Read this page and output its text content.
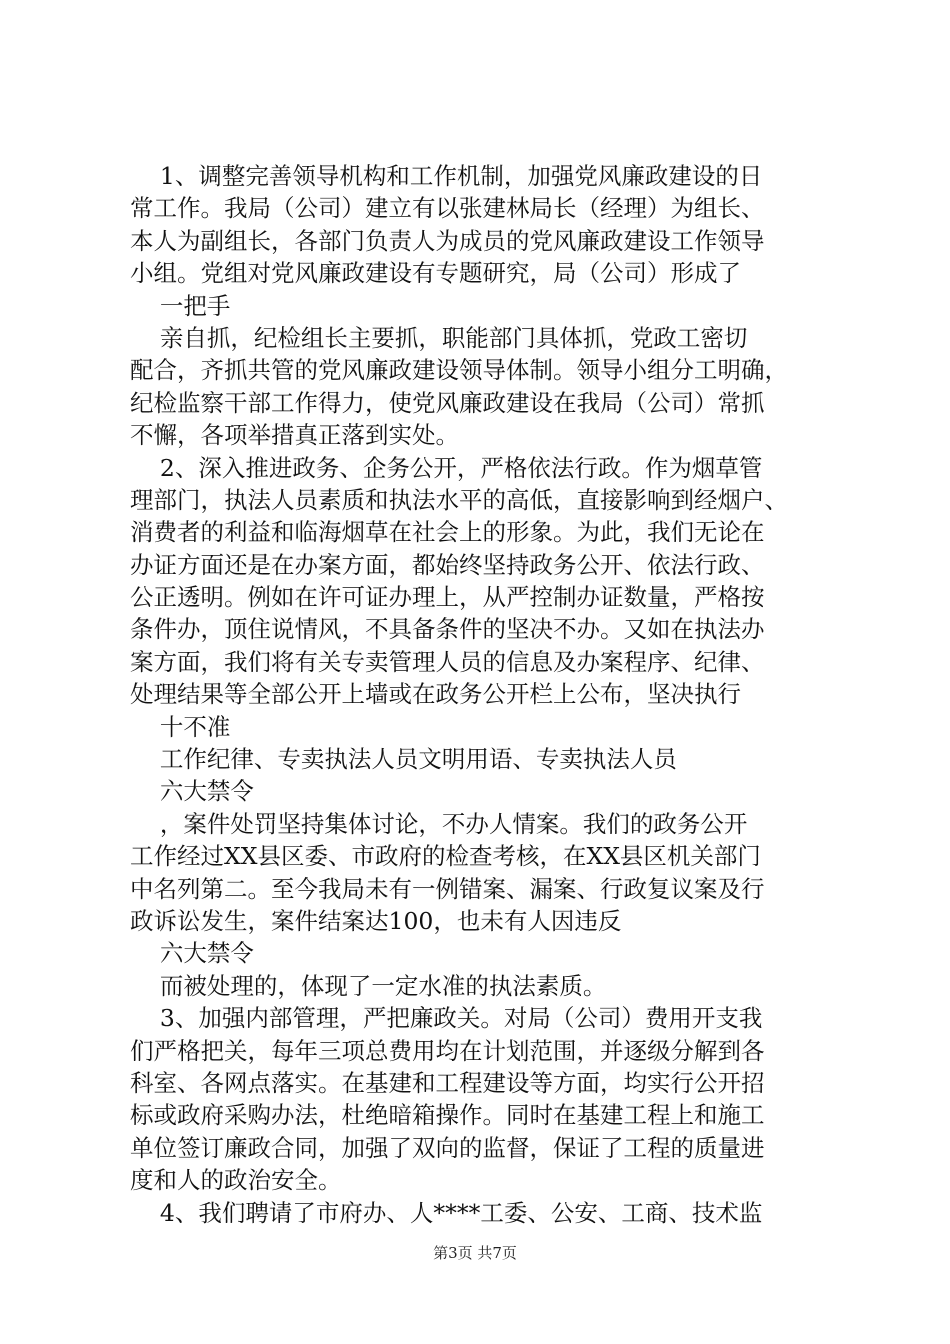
1、调整完善领导机构和工作机制，加强党风廉政建设的日
常工作。我局（公司）建立有以张建林局长（经理）为组长、
本人为副组长，各部门负责人为成员的党风廉政建设工作领导
小组。党组对党风廉政建设有专题研究，局（公司）形成了
一把手
亲自抓，纪检组长主要抓，职能部门具体抓，党政工密切
配合，齐抓共管的党风廉政建设领导体制。领导小组分工明确，
纪检监察干部工作得力，使党风廉政建设在我局（公司）常抓
不懈，各项举措真正落到实处。
2、深入推进政务、企务公开，严格依法行政。作为烟草管
理部门，执法人员素质和执法水平的高低，直接影响到经烟户、
消费者的利益和临海烟草在社会上的形象。为此，我们无论在
办证方面还是在办案方面，都始终坚持政务公开、依法行政、
公正透明。例如在许可证办理上，从严控制办证数量，严格按
条件办，顶住说情风，不具备条件的坚决不办。又如在执法办
案方面，我们将有关专卖管理人员的信息及办案程序、纪律、
处理结果等全部公开上墙或在政务公开栏上公布，坚决执行
十不准
工作纪律、专卖执法人员文明用语、专卖执法人员
六大禁令
，案件处罚坚持集体讨论，不办人情案。我们的政务公开
工作经过XX县区委、市政府的检查考核，在XX县区机关部门
中名列第二。至今我局未有一例错案、漏案、行政复议案及行
政诉讼发生，案件结案达100，也未有人因违反
六大禁令
而被处理的，体现了一定水准的执法素质。
3、加强内部管理，严把廉政关。对局（公司）费用开支我
们严格把关，每年三项总费用均在计划范围，并逐级分解到各
科室、各网点落实。在基建和工程建设等方面，均实行公开招
标或政府采购办法，杜绝暗箱操作。同时在基建工程上和施工
单位签订廉政合同，加强了双向的监督，保证了工程的质量进
度和人的政治安全。
4、我们聘请了市府办、人****工委、公安、工商、技术监
第3页 共7页
